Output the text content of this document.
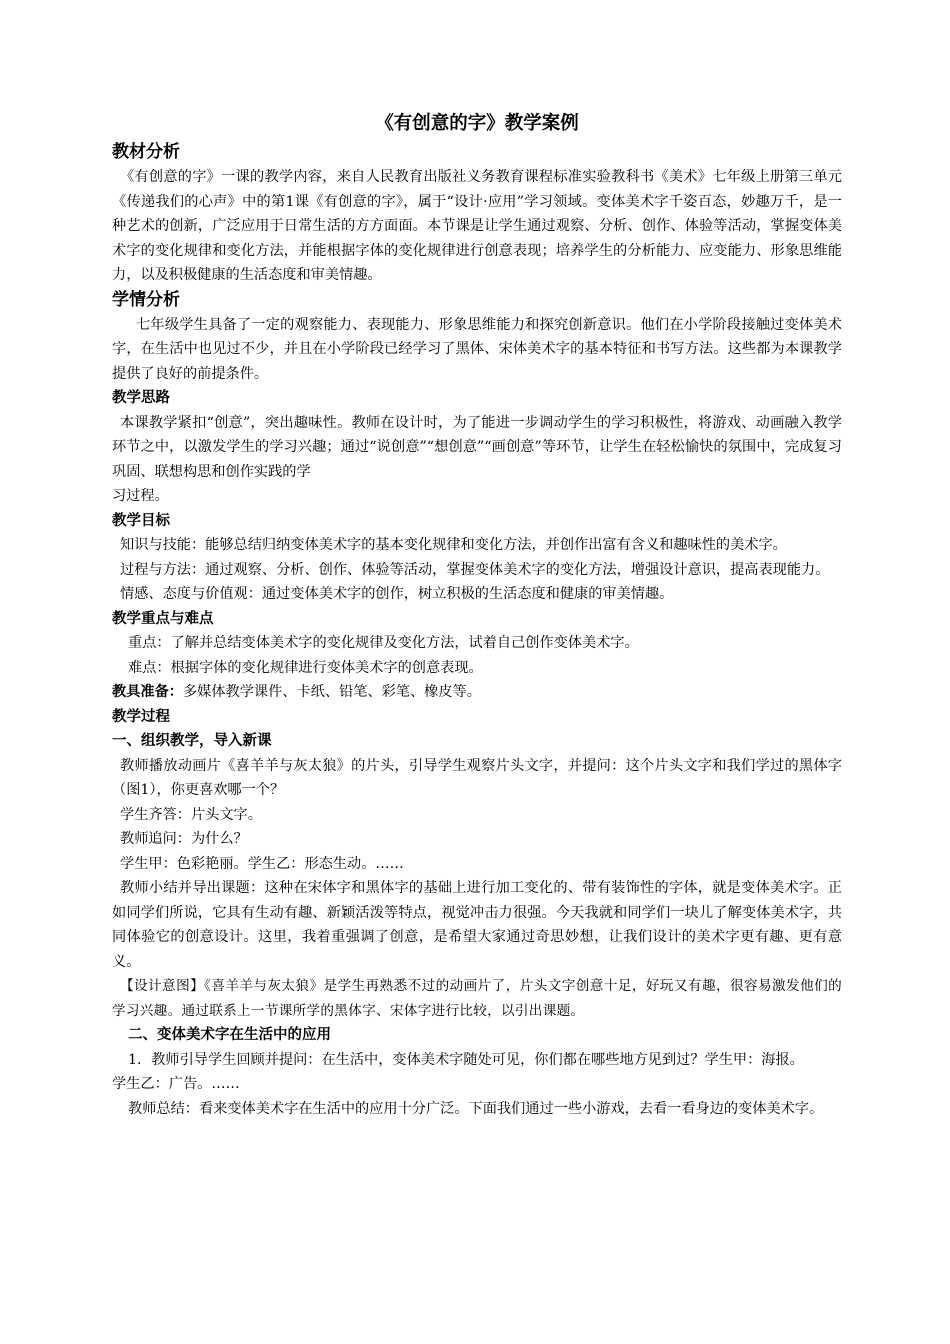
《有创意的字》教学案例
教材分析

《有创意的字》一课的教学内容，来自人民教育出版社义务教育课程标准实验教科书《美术》七年级上册第三单元《传递我们的心声》中的第1课《有创意的字》，属于“设计·应用”学习领域。变体美术字千姿百态，妙趣万千，是一种艺术的创新，广泛应用于日常生活的方方面面。本节课是让学生通过观察、分析、创作、体验等活动，掌握变体美术字的变化规律和变化方法，并能根据字体的变化规律进行创意表现；培养学生的分析能力、应变能力、形象思维能力，以及积极健康的生活态度和审美情趣。

学情分析

七年级学生具备了一定的观察能力、表现能力、形象思维能力和探究创新意识。他们在小学阶段接触过变体美术字，在生活中也见过不少，并且在小学阶段已经学习了黑体、宋体美术字的基本特征和书写方法。这些都为本课教学提供了良好的前提条件。

教学思路

本课教学紧扣“创意”，突出趣味性。教师在设计时，为了能进一步调动学生的学习积极性，将游戏、动画融入教学环节之中，以激发学生的学习兴趣；通过“说创意”“想创意”“画创意”等环节，让学生在轻松愉快的氛围中，完成复习巩固、联想构思和创作实践的学

习过程。

教学目标

知识与技能：能够总结归纳变体美术字的基本变化规律和变化方法，并创作出富有含义和趣味性的美术字。

过程与方法：通过观察、分析、创作、体验等活动，掌握变体美术字的变化方法，增强设计意识，提高表现能力。

情感、态度与价值观：通过变体美术字的创作，树立积极的生活态度和健康的审美情趣。

教学重点与难点

重点：了解并总结变体美术字的变化规律及变化方法，试着自己创作变体美术字。

难点：根据字体的变化规律进行变体美术字的创意表现。

教具准备：多媒体教学课件、卡纸、铅笔、彩笔、橡皮等。

教学过程
一、组织教学，导入新课

教师播放动画片《喜羊羊与灰太狼》的片头，引导学生观察片头文字，并提问：这个片头文字和我们学过的黑体字（图1），你更喜欢哪一个？

学生齐答：片头文字。

教师追问：为什么？

学生甲：色彩艳丽。学生乙：形态生动。……

教师小结并导出课题：这种在宋体字和黑体字的基础上进行加工变化的、带有装饰性的字体，就是变体美术字。正如同学们所说，它具有生动有趣、新颖活泼等特点，视觉冲击力很强。今天我就和同学们一块儿了解变体美术字，共同体验它的创意设计。这里，我着重强调了创意，是希望大家通过奇思妙想，让我们设计的美术字更有趣、更有意义。

【设计意图】《喜羊羊与灰太狼》是学生再熟悉不过的动画片了，片头文字创意十足，好玩又有趣，很容易激发他们的学习兴趣。通过联系上一节课所学的黑体字、宋体字进行比较，以引出课题。

二、变体美术字在生活中的应用

1．教师引导学生回顾并提问：在生活中，变体美术字随处可见，你们都在哪些地方见到过？学生甲：海报。

学生乙：广告。……

教师总结：看来变体美术字在生活中的应用十分广泛。下面我们通过一些小游戏，去看一看身边的变体美术字。
